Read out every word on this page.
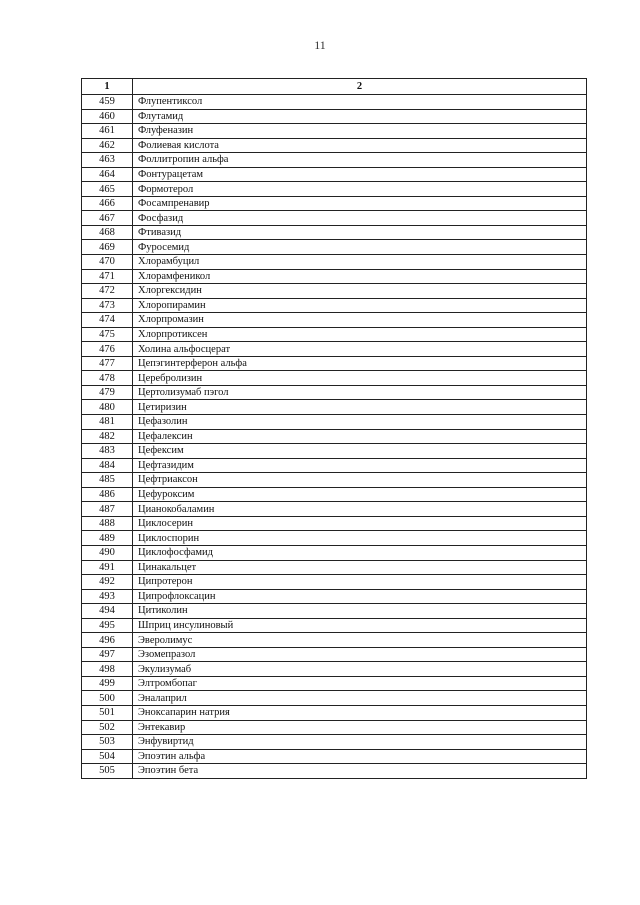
11
1	2
459	Флупентиксол
460	Флутамид
461	Флуфеназин
462	Фолиевая кислота
463	Фоллитропин альфа
464	Фонтурацетам
465	Формотерол
466	Фосампренавир
467	Фосфазид
468	Фтивазид
469	Фуросемид
470	Хлорамбуцил
471	Хлорамфеникол
472	Хлоргексидин
473	Хлоропирамин
474	Хлорпромазин
475	Хлорпротиксен
476	Холина альфосцерат
477	Цепэгинтерферон альфа
478	Церебролизин
479	Цертолизумаб пэгол
480	Цетиризин
481	Цефазолин
482	Цефалексин
483	Цефексим
484	Цефтазидим
485	Цефтриаксон
486	Цефуроксим
487	Цианокобаламин
488	Циклосерин
489	Циклоспорин
490	Циклофосфамид
491	Цинакальцет
492	Ципротерон
493	Ципрофлоксацин
494	Цитиколин
495	Шприц инсулиновый
496	Эверолимус
497	Эзомепразол
498	Экулизумаб
499	Элтромбопаг
500	Эналаприл
501	Эноксапарин натрия
502	Энтекавир
503	Энфувиртид
504	Эпоэтин альфа
505	Эпоэтин бета
